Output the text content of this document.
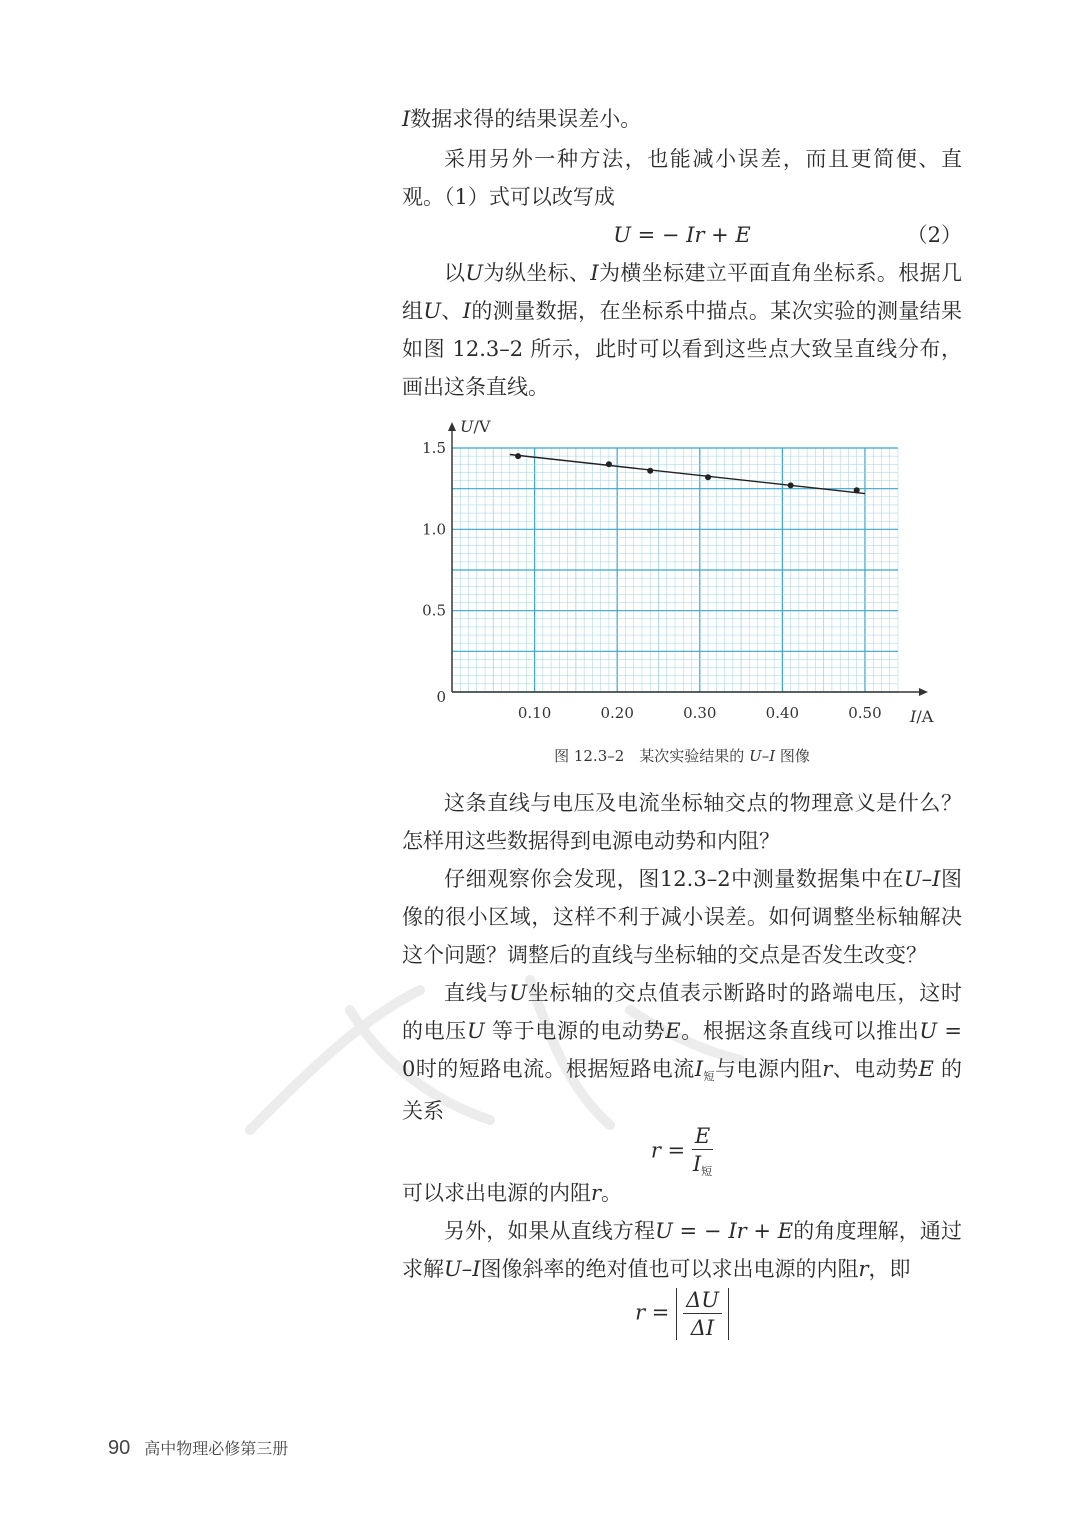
I数据求得的结果误差小。

采用另外一种方法，也能减小误差，而且更简便、直观。（1）式可以改写成

U = − Ir + E	（2）

以U为纵坐标、I为横坐标建立平面直角坐标系。根据几组U、I的测量数据，在坐标系中描点。某次实验的测量结果如图 12.3–2 所示，此时可以看到这些点大致呈直线分布，画出这条直线。

0.10	0.20	0.30	0.40	0.50
0
0.5
1.0
1.5
I/A
U/V
图 12.3–2　某次实验结果的 U–I 图像

这条直线与电压及电流坐标轴交点的物理意义是什么？怎样用这些数据得到电源电动势和内阻？

仔细观察你会发现，图12.3–2中测量数据集中在U–I图像的很小区域，这样不利于减小误差。如何调整坐标轴解决这个问题？调整后的直线与坐标轴的交点是否发生改变？

直线与U坐标轴的交点值表示断路时的路端电压，这时的电压U 等于电源的电动势E。根据这条直线可以推出U = 0时的短路电流。根据短路电流I短与电源内阻r、电动势E 的关系

$r = \frac{E}{\text{I短}}$

可以求出电源的内阻r。

另外，如果从直线方程U = − Ir + E的角度理解，通过求解U–I图像斜率的绝对值也可以求出电源的内阻r，即

$r = \frac{\Delta U}{\Delta I}$
90 高中物理必修第三册
